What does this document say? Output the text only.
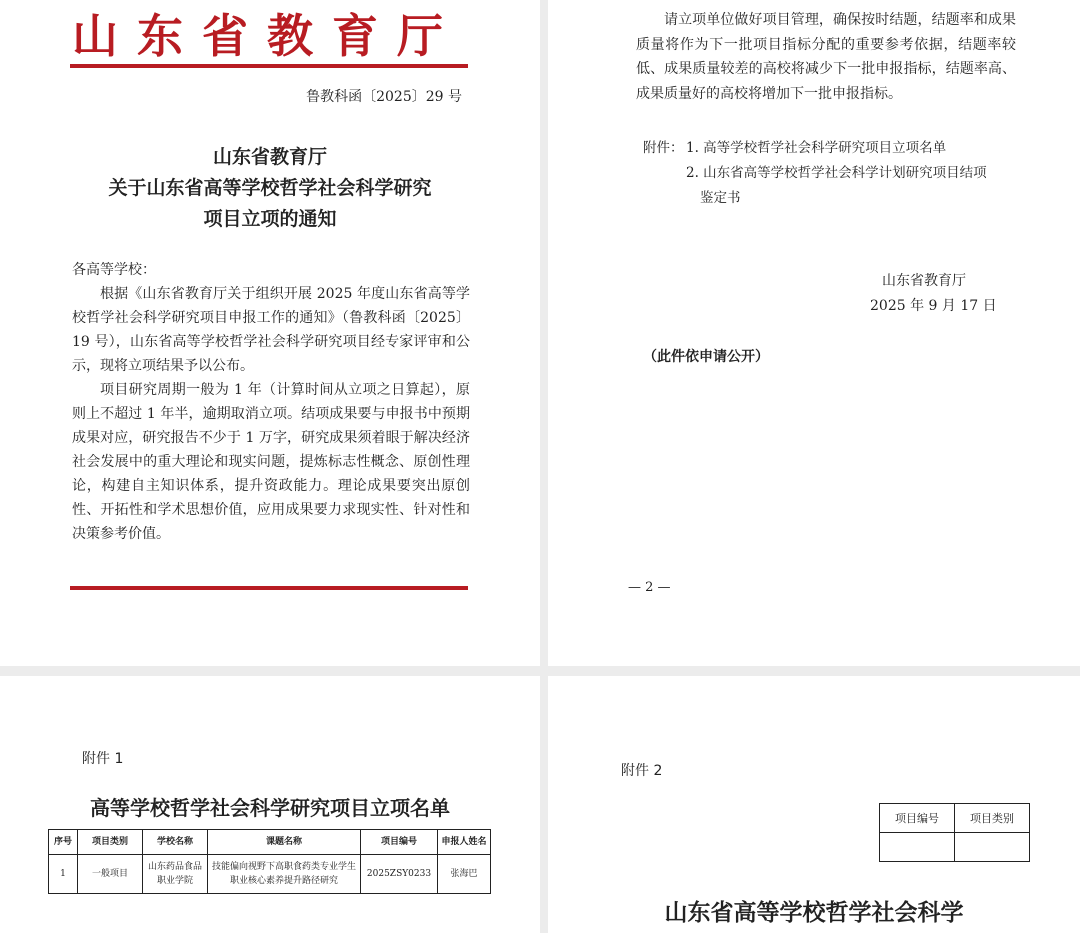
山东省教育厅
鲁教科函〔2025〕29 号
山东省教育厅
关于山东省高等学校哲学社会科学研究
项目立项的通知

各高等学校：

根据《山东省教育厅关于组织开展 2025 年度山东省高等学校哲学社会科学研究项目申报工作的通知》（鲁教科函〔2025〕19 号），山东省高等学校哲学社会科学研究项目经专家评审和公示，现将立项结果予以公布。

项目研究周期一般为 1 年（计算时间从立项之日算起），原则上不超过 1 年半，逾期取消立项。结项成果要与申报书中预期成果对应，研究报告不少于 1 万字，研究成果须着眼于解决经济社会发展中的重大理论和现实问题，提炼标志性概念、原创性理论，构建自主知识体系，提升资政能力。理论成果要突出原创性、开拓性和学术思想价值，应用成果要力求现实性、针对性和决策参考价值。

请立项单位做好项目管理，确保按时结题，结题率和成果质量将作为下一批项目指标分配的重要参考依据，结题率较低、成果质量较差的高校将减少下一批申报指标，结题率高、成果质量好的高校将增加下一批申报指标。
附件： 1. 高等学校哲学社会科学研究项目立项名单
2. 山东省高等学校哲学社会科学计划研究项目结项
鉴定书
山东省教育厅
2025 年 9 月 17 日
（此件依申请公开）
— 2 —
附件 1
高等学校哲学社会科学研究项目立项名单
序号	项目类别	学校名称	课题名称	项目编号	申报人姓名
1	一般项目	山东药品食品职业学院	技能偏向视野下高职食药类专业学生职业核心素养提升路径研究	2025ZSY0233	张海巴
附件 2
项目编号	项目类别

山东省高等学校哲学社会科学
